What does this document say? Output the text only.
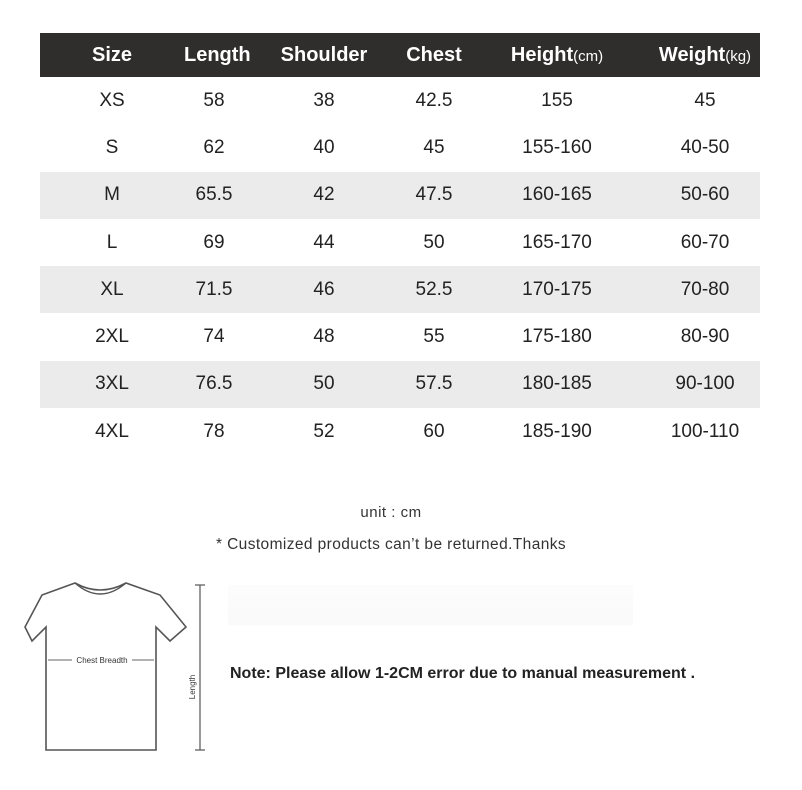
Size	Length	Shoulder	Chest	Height(cm)	Weight(kg)
XS	58	38	42.5	155	45
S	62	40	45	155-160	40-50
M	65.5	42	47.5	160-165	50-60
L	69	44	50	165-170	60-70
XL	71.5	46	52.5	170-175	70-80
2XL	74	48	55	175-180	80-90
3XL	76.5	50	57.5	180-185	90-100
4XL	78	52	60	185-190	100-110
unit : cm
* Customized products can’t be returned.Thanks
Chest Breadth
Length
Note: Please allow 1-2CM error due to manual measurement .
